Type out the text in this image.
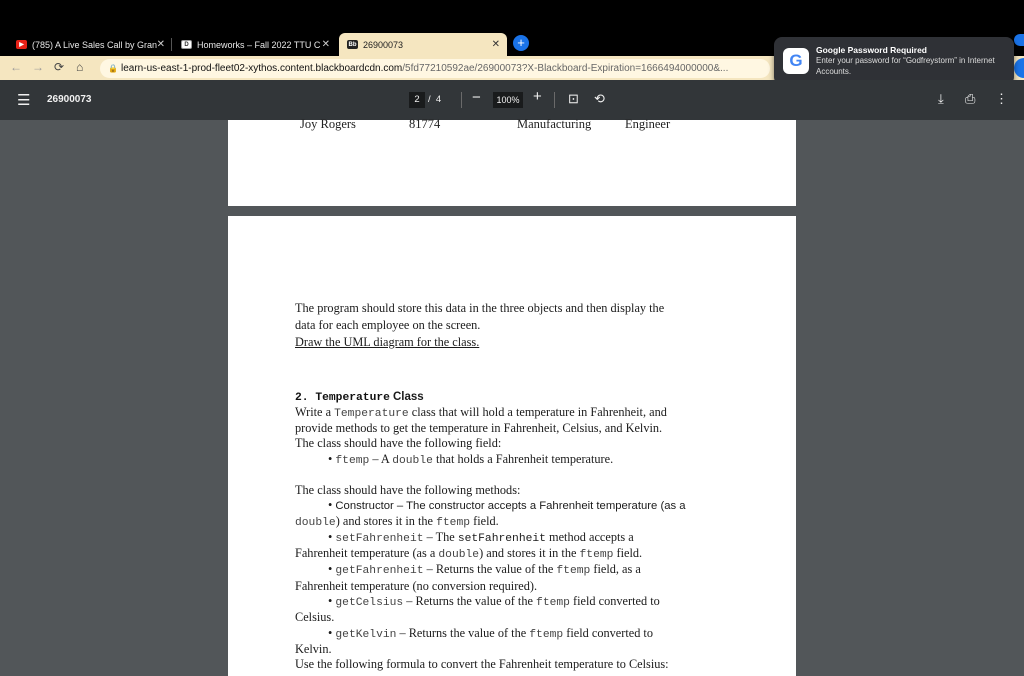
▶ (785) A Live Sales Call by Gran ✕	D Homeworks – Fall 2022 TTU C ✕	Bb 26900073	✕	+
← → ⟳ ⌂	🔒 learn-us-east-1-prod-fleet02-xythos.content.blackboardcdn.com/5fd77210592ae/26900073?X-Blackboard-Expiration=1666494000000&...	G
Google Password Required
Enter your password for “Godfreystorm” in Internet Accounts.
☰ 26900073	2 / 4 −	100% + ⊡ ⟲	⤓ ⎙ ⋮
Joy Rogers	81774	Manufacturing	Engineer
The program should store this data in the three objects and then display the
data for each employee on the screen.
Draw the UML diagram for the class.
2. Temperature Class
Write a Temperature class that will hold a temperature in Fahrenheit, and
provide methods to get the temperature in Fahrenheit, Celsius, and Kelvin.
The class should have the following field:
• ftemp – A double that holds a Fahrenheit temperature.
The class should have the following methods:
• Constructor – The constructor accepts a Fahrenheit temperature (as a
double) and stores it in the ftemp field.
• setFahrenheit – The setFahrenheit method accepts a
Fahrenheit temperature (as a double) and stores it in the ftemp field.
• getFahrenheit – Returns the value of the ftemp field, as a
Fahrenheit temperature (no conversion required).
• getCelsius – Returns the value of the ftemp field converted to
Celsius.
• getKelvin – Returns the value of the ftemp field converted to
Kelvin.
Use the following formula to convert the Fahrenheit temperature to Celsius:
